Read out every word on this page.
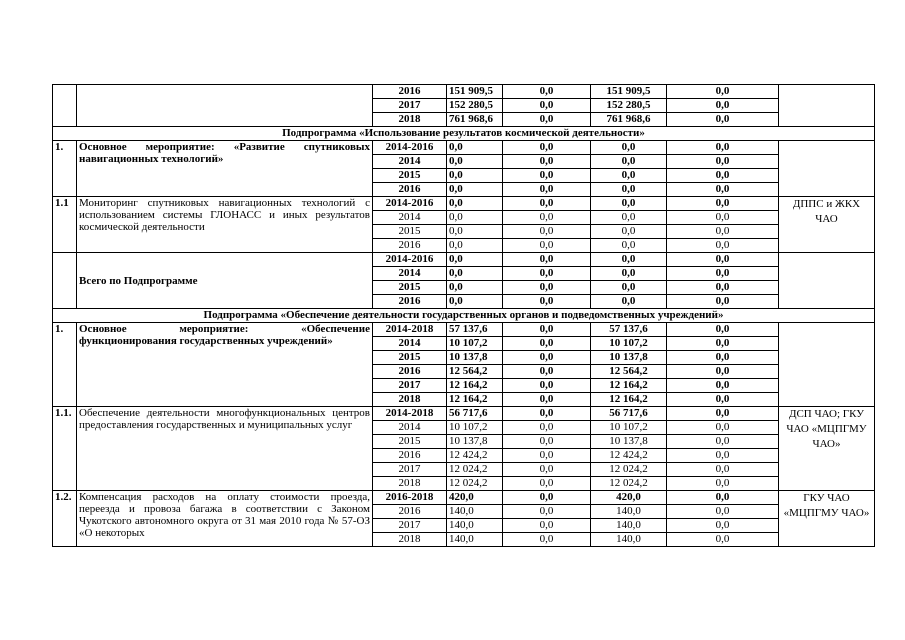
		2016	151 909,5	0,0	151 909,5	0,0	
		2017	152 280,5	0,0	152 280,5	0,0	
		2018	761 968,6	0,0	761 968,6	0,0	
Подпрограмма «Использование результатов космической деятельности»							
1.	Основное мероприятие: «Развитие спутниковых навигационных технологий»	2014-2016	0,0	0,0	0,0	0,0	
		2014	0,0	0,0	0,0	0,0	
		2015	0,0	0,0	0,0	0,0	
		2016	0,0	0,0	0,0	0,0	
1.1	Мониторинг спутниковых навигационных технологий с использованием системы ГЛОНАСС и иных результатов космической деятельности	2014-2016	0,0	0,0	0,0	0,0	ДППС и ЖКХ ЧАО
		2014	0,0	0,0	0,0	0,0	
		2015	0,0	0,0	0,0	0,0	
		2016	0,0	0,0	0,0	0,0	
	Всего по Подпрограмме	2014-2016	0,0	0,0	0,0	0,0	
		2014	0,0	0,0	0,0	0,0	
		2015	0,0	0,0	0,0	0,0	
		2016	0,0	0,0	0,0	0,0	
Подпрограмма «Обеспечение деятельности государственных органов и подведомственных учреждений»							
1.	Основное мероприятие: «Обеспечение функционирования государственных учреждений»	2014-2018	57 137,6	0,0	57 137,6	0,0	
		2014	10 107,2	0,0	10 107,2	0,0	
		2015	10 137,8	0,0	10 137,8	0,0	
		2016	12 564,2	0,0	12 564,2	0,0	
		2017	12 164,2	0,0	12 164,2	0,0	
		2018	12 164,2	0,0	12 164,2	0,0	
1.1.	Обеспечение деятельности многофункциональных центров предоставления государственных и муниципальных услуг	2014-2018	56 717,6	0,0	56 717,6	0,0	ДСП ЧАО; ГКУ ЧАО «МЦПГМУ ЧАО»
		2014	10 107,2	0,0	10 107,2	0,0	
		2015	10 137,8	0,0	10 137,8	0,0	
		2016	12 424,2	0,0	12 424,2	0,0	
		2017	12 024,2	0,0	12 024,2	0,0	
		2018	12 024,2	0,0	12 024,2	0,0	
1.2.	Компенсация расходов на оплату стоимости проезда, переезда и провоза багажа в соответствии с Законом Чукотского автономного округа от 31 мая 2010 года № 57-ОЗ «О некоторых	2016-2018	420,0	0,0	420,0	0,0	ГКУ ЧАО «МЦПГМУ ЧАО»
		2016	140,0	0,0	140,0	0,0	
		2017	140,0	0,0	140,0	0,0	
		2018	140,0	0,0	140,0	0,0	
